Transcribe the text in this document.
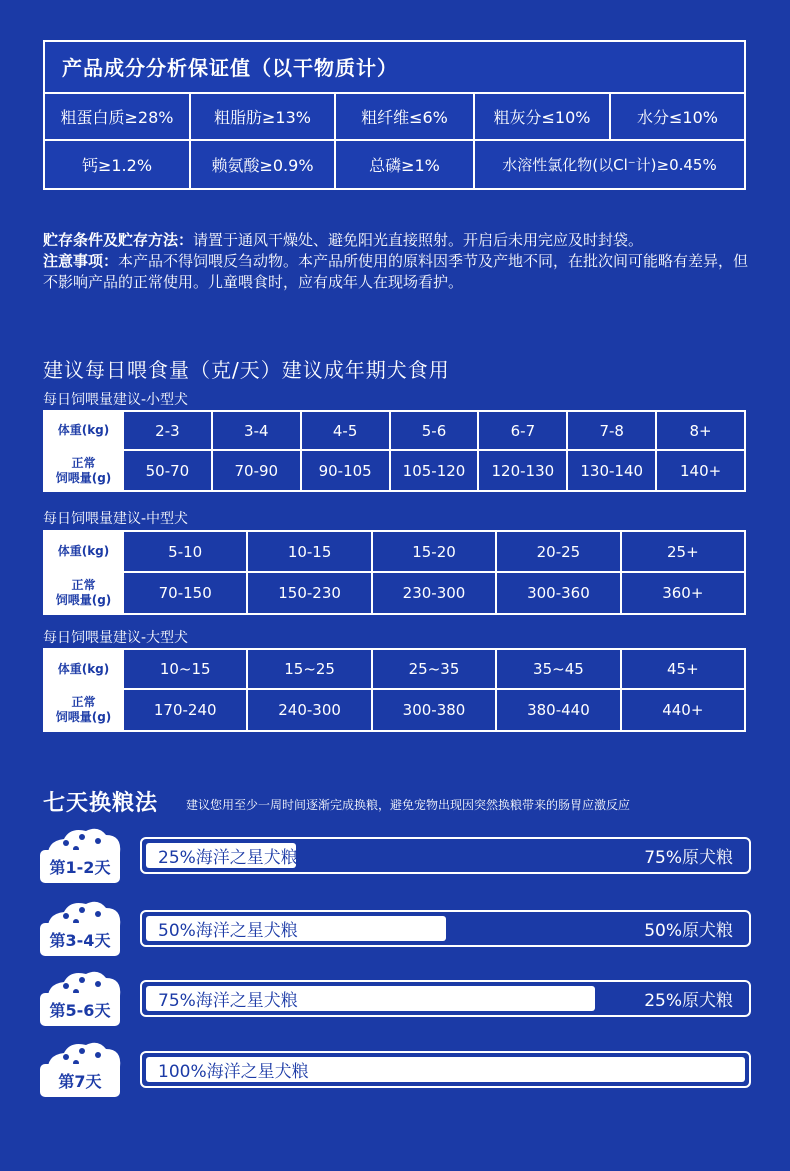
产品成分分析保证值（以干物质计）
粗蛋白质≥28%	粗脂肪≥13%	粗纤维≤6%	粗灰分≤10%	水分≤10%
钙≥1.2%	赖氨酸≥0.9%	总磷≥1%	水溶性氯化物(以Cl⁻计)≥0.45%
贮存条件及贮存方法：请置于通风干燥处、避免阳光直接照射。开启后未用完应及时封袋。
注意事项：本产品不得饲喂反刍动物。本产品所使用的原料因季节及产地不同，在批次间可能略有差异，但不影响产品的正常使用。儿童喂食时，应有成年人在现场看护。
建议每日喂食量（克/天）建议成年期犬食用
每日饲喂量建议-小型犬
体重(kg)	2-3	3-4	4-5	5-6	6-7	7-8	8+
正常
饲喂量(g)	50-70	70-90	90-105	105-120	120-130	130-140	140+
每日饲喂量建议-中型犬
体重(kg)	5-10	10-15	15-20	20-25	25+
正常
饲喂量(g)	70-150	150-230	230-300	300-360	360+
每日饲喂量建议-大型犬
体重(kg)	10~15	15~25	25~35	35~45	45+
正常
饲喂量(g)	170-240	240-300	300-380	380-440	440+
七天换粮法 建议您用至少一周时间逐渐完成换粮，避免宠物出现因突然换粮带来的肠胃应激反应
第1-2天	25%海洋之星犬粮	75%原犬粮
第3-4天	50%海洋之星犬粮	50%原犬粮
第5-6天	75%海洋之星犬粮	25%原犬粮
第7天	100%海洋之星犬粮
